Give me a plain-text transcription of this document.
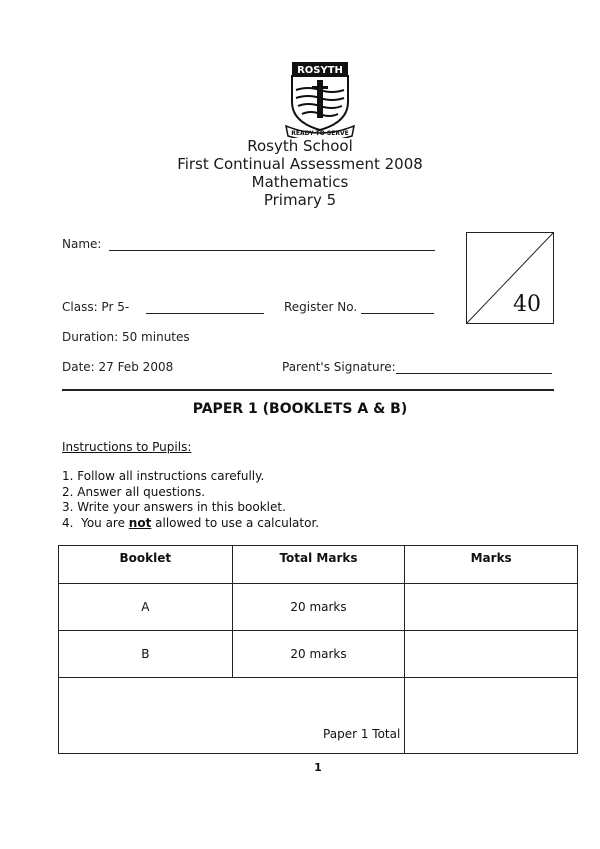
ROSYTH
READY TO SERVE
Rosyth School
First Continual Assessment 2008
Mathematics
Primary 5
Name:
Class: Pr 5-	Register No.
Duration: 50 minutes
Date: 27 Feb 2008	Parent's Signature:
40
PAPER 1 (BOOKLETS A & B)
Instructions to Pupils:
1. Follow all instructions carefully.
2. Answer all questions.
3. Write your answers in this booklet.
4.  You are not allowed to use a calculator.
Booklet	Total Marks	Marks
A	20 marks	
B	20 marks	
Paper 1 Total		
1
